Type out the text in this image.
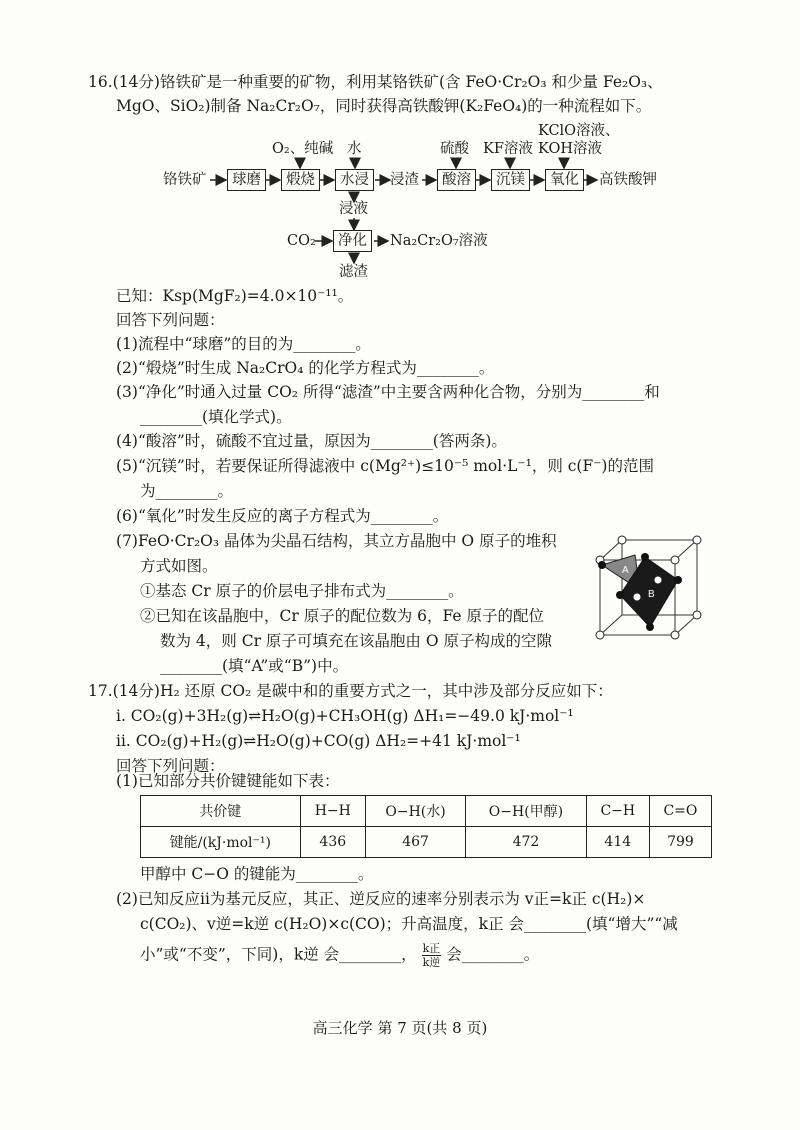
16.(14分)铬铁矿是一种重要的矿物，利用某铬铁矿(含 FeO·Cr₂O₃ 和少量 Fe₂O₃、
MgO、SiO₂)制备 Na₂Cr₂O₇，同时获得高铁酸钾(K₂FeO₄)的一种流程如下。
铬铁矿	球磨	煅烧
O₂、纯碱
水浸
水
浸渣	酸溶
硫酸
沉镁
KF溶液
氧化
KClO溶液、
KOH溶液
高铁酸钾
浸液
CO₂	净化	Na₂Cr₂O₇溶液
滤渣
已知：Ksp(MgF₂)=4.0×10⁻¹¹。
回答下列问题：
(1)流程中“球磨”的目的为________。
(2)“煅烧”时生成 Na₂CrO₄ 的化学方程式为________。
(3)“净化”时通入过量 CO₂ 所得“滤渣”中主要含两种化合物，分别为________和
________(填化学式)。
(4)“酸溶”时，硫酸不宜过量，原因为________(答两条)。
(5)“沉镁”时，若要保证所得滤液中 c(Mg²⁺)≤10⁻⁵ mol·L⁻¹，则 c(F⁻)的范围
为________。
(6)“氧化”时发生反应的离子方程式为________。
(7)FeO·Cr₂O₃ 晶体为尖晶石结构，其立方晶胞中 O 原子的堆积
方式如图。
①基态 Cr 原子的价层电子排布式为________。
②已知在该晶胞中，Cr 原子的配位数为 6，Fe 原子的配位
数为 4，则 Cr 原子可填充在该晶胞由 O 原子构成的空隙
________(填“A”或“B”)中。
A
B
17.(14分)H₂ 还原 CO₂ 是碳中和的重要方式之一，其中涉及部分反应如下：
ⅰ. CO₂(g)+3H₂(g)⇌H₂O(g)+CH₃OH(g) ΔH₁=−49.0 kJ·mol⁻¹
ⅱ. CO₂(g)+H₂(g)⇌H₂O(g)+CO(g) ΔH₂=+41 kJ·mol⁻¹
回答下列问题：
(1)已知部分共价键键能如下表：
共价键	H−H	O−H(水)	O−H(甲醇)	C−H	C=O
键能/(kJ·mol⁻¹)	436	467	472	414	799
甲醇中 C−O 的键能为________。
(2)已知反应ⅱ为基元反应，其正、逆反应的速率分别表示为 v正=k正 c(H₂)×
c(CO₂)、v逆=k逆 c(H₂O)×c(CO)；升高温度，k正 会________(填“增大”“减
小”或“不变”，下同)，k逆 会________， $\frac{\text{k正}}{\text{k逆}}$ 会________。
高三化学 第 7 页(共 8 页)
